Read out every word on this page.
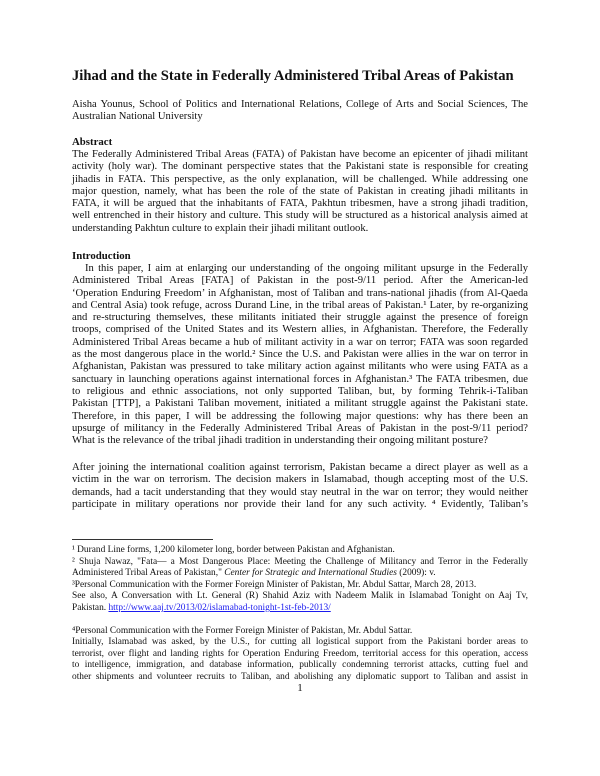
Jihad and the State in Federally Administered Tribal Areas of Pakistan
Aisha Younus, School of Politics and International Relations, College of Arts and Social Sciences, The
Australian National University
Abstract
The Federally Administered Tribal Areas (FATA) of Pakistan have become an epicenter of jihadi militant
activity (holy war). The dominant perspective states that the Pakistani state is responsible for creating
jihadis in FATA. This perspective, as the only explanation, will be challenged. While addressing one
major question, namely, what has been the role of the state of Pakistan in creating jihadi militants in
FATA, it will be argued that the inhabitants of FATA, Pakhtun tribesmen, have a strong jihadi tradition,
well entrenched in their history and culture. This study will be structured as a historical analysis aimed at
understanding Pakhtun culture to explain their jihadi militant outlook.
Introduction
In this paper, I aim at enlarging our understanding of the ongoing militant upsurge in the Federally
Administered Tribal Areas [FATA] of Pakistan in the post-9/11 period. After the American-led
‘Operation Enduring Freedom’ in Afghanistan, most of Taliban and trans-national jihadis (from Al-Qaeda
and Central Asia) took refuge, across Durand Line, in the tribal areas of Pakistan.¹ Later, by re-organizing
and re-structuring themselves, these militants initiated their struggle against the presence of foreign
troops, comprised of the United States and its Western allies, in Afghanistan. Therefore, the Federally
Administered Tribal Areas became a hub of militant activity in a war on terror; FATA was soon regarded
as the most dangerous place in the world.² Since the U.S. and Pakistan were allies in the war on terror in
Afghanistan, Pakistan was pressured to take military action against militants who were using FATA as a
sanctuary in launching operations against international forces in Afghanistan.³ The FATA tribesmen, due
to religious and ethnic associations, not only supported Taliban, but, by forming Tehrik-i-Taliban
Pakistan [TTP], a Pakistani Taliban movement, initiated a militant struggle against the Pakistani state.
Therefore, in this paper, I will be addressing the following major questions: why has there been an
upsurge of militancy in the Federally Administered Tribal Areas of Pakistan in the post-9/11 period?
What is the relevance of the tribal jihadi tradition in understanding their ongoing militant posture?
After joining the international coalition against terrorism, Pakistan became a direct player as well as a
victim in the war on terrorism. The decision makers in Islamabad, though accepting most of the U.S.
demands, had a tacit understanding that they would stay neutral in the war on terror; they would neither
participate in military operations nor provide their land for any such activity. ⁴ Evidently, Taliban’s
¹ Durand Line forms, 1,200 kilometer long, border between Pakistan and Afghanistan.
² Shuja Nawaz, "Fata— a Most Dangerous Place: Meeting the Challenge of Militancy and Terror in the Federally
Administered Tribal Areas of Pakistan," Center for Strategic and International Studies (2009): v.
³Personal Communication with the Former Foreign Minister of Pakistan, Mr. Abdul Sattar, March 28, 2013.
See also, A Conversation with Lt. General (R) Shahid Aziz with Nadeem Malik in Islamabad Tonight on Aaj Tv,
Pakistan. http://www.aaj.tv/2013/02/islamabad-tonight-1st-feb-2013/
⁴Personal Communication with the Former Foreign Minister of Pakistan, Mr. Abdul Sattar.
Initially, Islamabad was asked, by the U.S., for cutting all logistical support from the Pakistani border areas to
terrorist, over flight and landing rights for Operation Enduring Freedom, territorial access for this operation, access
to intelligence, immigration, and database information, publically condemning terrorist attacks, cutting fuel and
other shipments and volunteer recruits to Taliban, and abolishing any diplomatic support to Taliban and assist in
1
